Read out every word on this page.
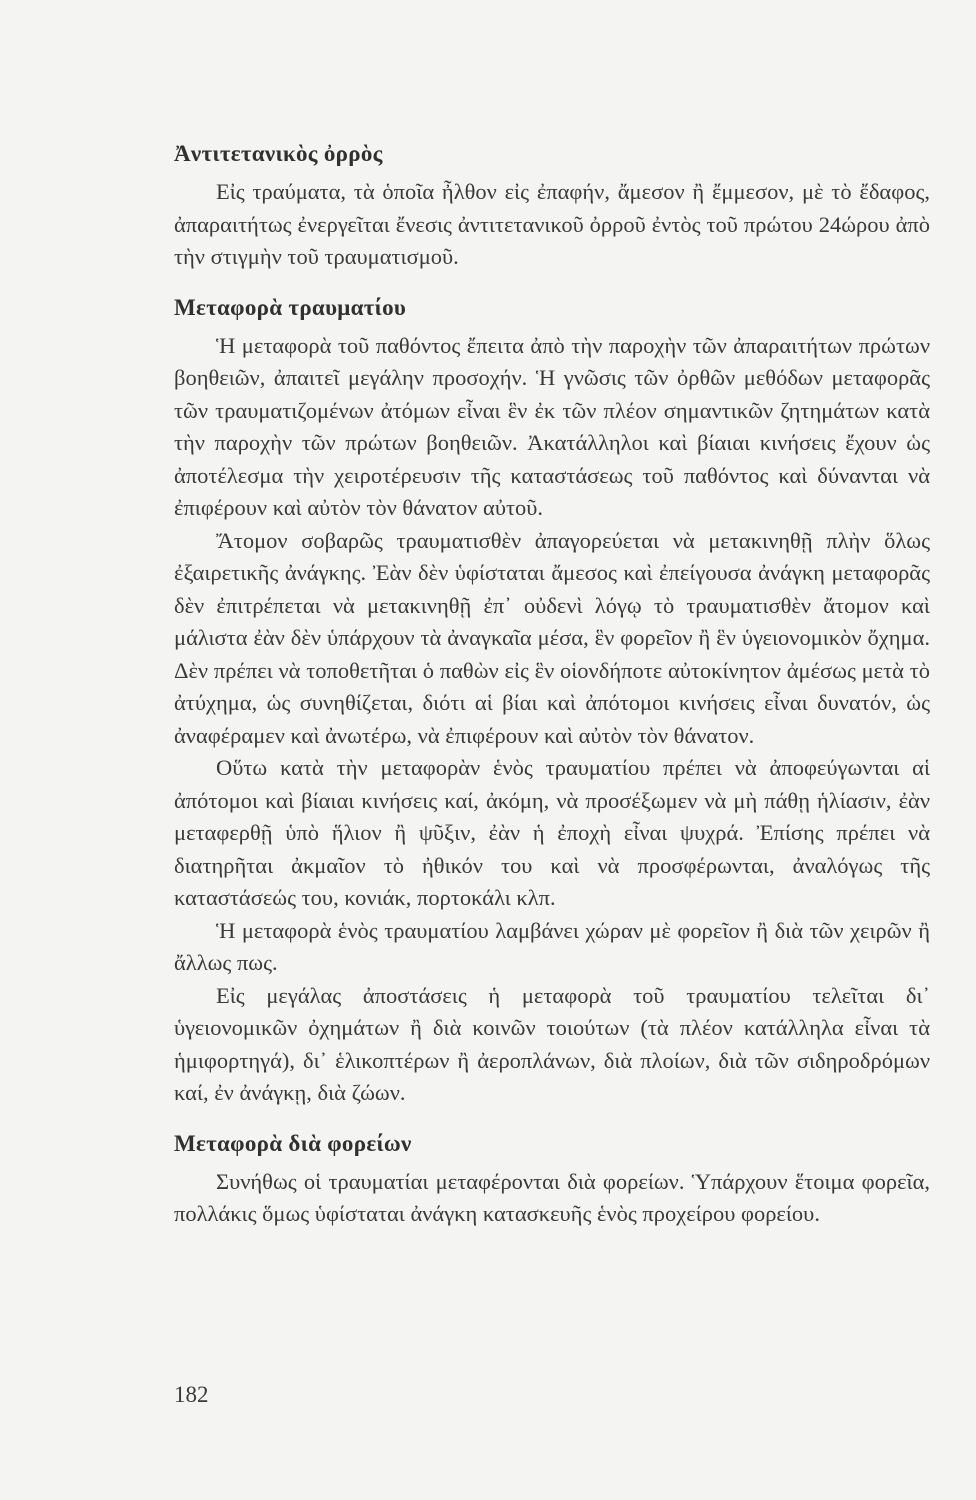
Ἀντιτετανικὸς ὀρρὸς

Εἰς τραύματα, τὰ ὁποῖα ἦλθον εἰς ἐπαφήν, ἄμεσον ἢ ἔμμεσον, μὲ τὸ ἔδαφος, ἀπαραιτήτως ἐνεργεῖται ἔνεσις ἀντιτετανικοῦ ὀρροῦ ἐντὸς τοῦ πρώτου 24ώρου ἀπὸ τὴν στιγμὴν τοῦ τραυματισμοῦ.

Μεταφορὰ τραυματίου

Ἡ μεταφορὰ τοῦ παθόντος ἔπειτα ἀπὸ τὴν παροχὴν τῶν ἀπαραιτήτων πρώτων βοηθειῶν, ἀπαιτεῖ μεγάλην προσοχήν. Ἡ γνῶσις τῶν ὀρθῶν μεθόδων μεταφορᾶς τῶν τραυματιζομένων ἀτόμων εἶναι ἓν ἐκ τῶν πλέον σημαντικῶν ζητημάτων κατὰ τὴν παροχὴν τῶν πρώτων βοηθειῶν. Ἀκατάλληλοι καὶ βίαιαι κινήσεις ἔχουν ὡς ἀποτέλεσμα τὴν χειροτέρευσιν τῆς καταστάσεως τοῦ παθόντος καὶ δύνανται νὰ ἐπιφέρουν καὶ αὐτὸν τὸν θάνατον αὐτοῦ.

Ἄτομον σοβαρῶς τραυματισθὲν ἀπαγορεύεται νὰ μετακινηθῇ πλὴν ὅλως ἐξαιρετικῆς ἀνάγκης. Ἐὰν δὲν ὑφίσταται ἄμεσος καὶ ἐπείγουσα ἀνάγκη μεταφορᾶς δὲν ἐπιτρέπεται νὰ μετακινηθῇ ἐπ᾽ οὐδενὶ λόγῳ τὸ τραυματισθὲν ἄτομον καὶ μάλιστα ἐὰν δὲν ὑπάρχουν τὰ ἀναγκαῖα μέσα, ἓν φορεῖον ἢ ἓν ὑγειονομικὸν ὄχημα. Δὲν πρέπει νὰ τοποθετῆται ὁ παθὼν εἰς ἓν οἱονδήποτε αὐτοκίνητον ἀμέσως μετὰ τὸ ἀτύχημα, ὡς συνηθίζεται, διότι αἱ βίαι καὶ ἀπότομοι κινήσεις εἶναι δυνατόν, ὡς ἀναφέραμεν καὶ ἀνωτέρω, νὰ ἐπιφέρουν καὶ αὐτὸν τὸν θάνατον.

Οὕτω κατὰ τὴν μεταφορὰν ἑνὸς τραυματίου πρέπει νὰ ἀποφεύγωνται αἱ ἀπότομοι καὶ βίαιαι κινήσεις καί, ἀκόμη, νὰ προσέξωμεν νὰ μὴ πάθῃ ἡλίασιν, ἐὰν μεταφερθῇ ὑπὸ ἥλιον ἢ ψῦξιν, ἐὰν ἡ ἐποχὴ εἶναι ψυχρά. Ἐπίσης πρέπει νὰ διατηρῆται ἀκμαῖον τὸ ἠθικόν του καὶ νὰ προσφέρωνται, ἀναλόγως τῆς καταστάσεώς του, κονιάκ, πορτοκάλι κλπ.

Ἡ μεταφορὰ ἑνὸς τραυματίου λαμβάνει χώραν μὲ φορεῖον ἢ διὰ τῶν χειρῶν ἢ ἄλλως πως.

Εἰς μεγάλας ἀποστάσεις ἡ μεταφορὰ τοῦ τραυματίου τελεῖται δι᾽ ὑγειονομικῶν ὀχημάτων ἢ διὰ κοινῶν τοιούτων (τὰ πλέον κατάλληλα εἶναι τὰ ἡμιφορτηγά), δι᾽ ἑλικοπτέρων ἢ ἀεροπλάνων, διὰ πλοίων, διὰ τῶν σιδηροδρόμων καί, ἐν ἀνάγκῃ, διὰ ζώων.

Μεταφορὰ διὰ φορείων

Συνήθως οἱ τραυματίαι μεταφέρονται διὰ φορείων. Ὑπάρχουν ἕτοιμα φορεῖα, πολλάκις ὅμως ὑφίσταται ἀνάγκη κατασκευῆς ἑνὸς προχείρου φορείου.

182
